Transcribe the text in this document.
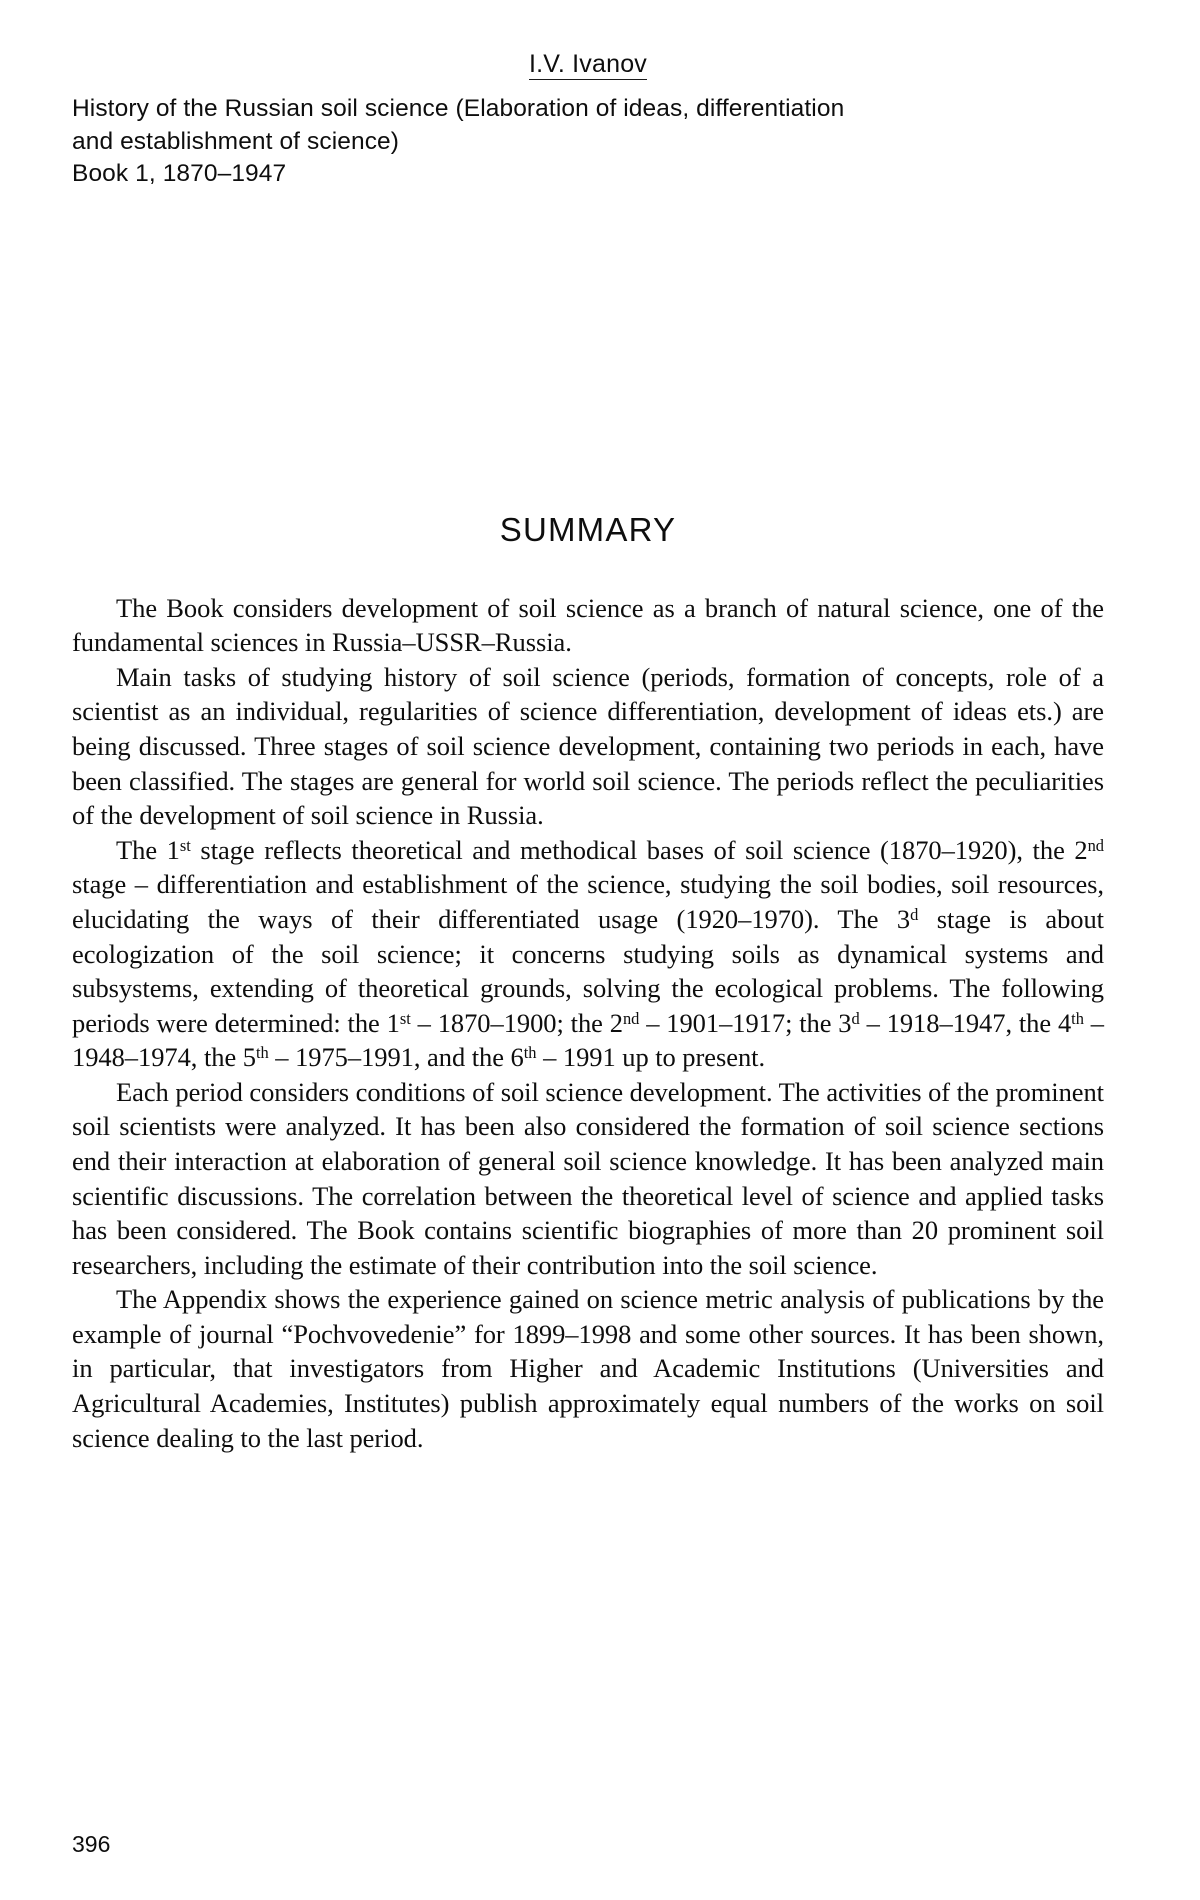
I.V. Ivanov
History of the Russian soil science (Elaboration of ideas, differentiation
and establishment of science)
Book 1, 1870–1947
SUMMARY

The Book considers development of soil science as a branch of natural science, one of the fundamental sciences in Russia–USSR–Russia.

Main tasks of studying history of soil science (periods, formation of concepts, role of a scientist as an individual, regularities of science differentiation, development of ideas ets.) are being discussed. Three stages of soil science development, containing two periods in each, have been classified. The stages are general for world soil science. The periods reflect the peculiarities of the development of soil science in Russia.

The 1st stage reflects theoretical and methodical bases of soil science (1870–1920), the 2nd stage – differentiation and establishment of the science, studying the soil bodies, soil resources, elucidating the ways of their differentiated usage (1920–1970). The 3$^d$ stage is about ecologization of the soil science; it concerns studying soils as dynamical systems and subsystems, extending of theoretical grounds, solving the ecological problems. The following periods were determined: the 1st – 1870–1900; the 2nd – 1901–1917; the 3$^d$ – 1918–1947, the 4th – 1948–1974, the 5th – 1975–1991, and the 6th – 1991 up to present.

Each period considers conditions of soil science development. The activities of the prominent soil scientists were analyzed. It has been also considered the formation of soil science sections end their interaction at elaboration of general soil science knowledge. It has been analyzed main scientific discussions. The correlation between the theoretical level of science and applied tasks has been considered. The Book contains scientific biographies of more than 20 prominent soil researchers, including the estimate of their contribution into the soil science.

The Appendix shows the experience gained on science metric analysis of publications by the example of journal “Pochvovedenie” for 1899–1998 and some other sources. It has been shown, in particular, that investigators from Higher and Academic Institutions (Universities and Agricultural Academies, Institutes) publish approximately equal numbers of the works on soil science dealing to the last period.

396
